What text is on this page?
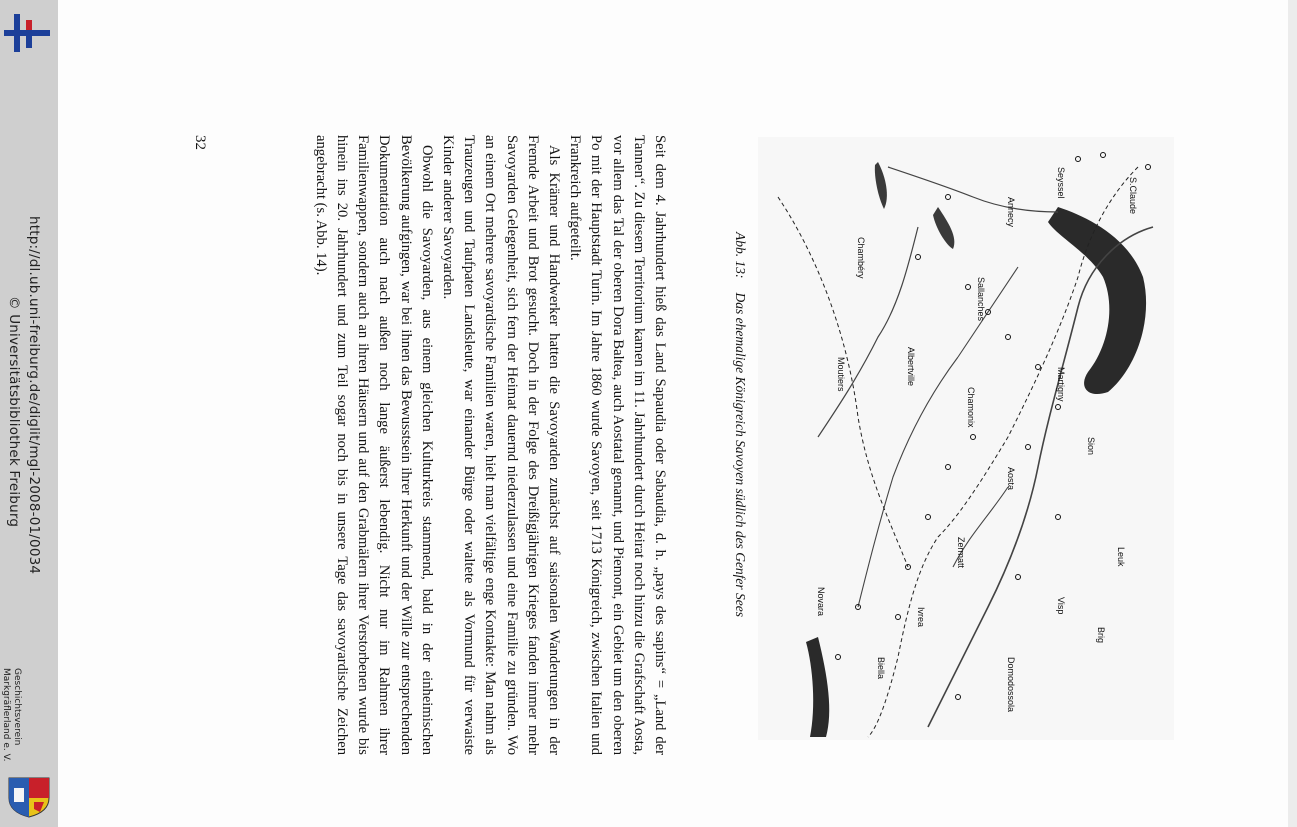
http://dl.ub.uni-freiburg.de/diglit/mgl-2008-01/0034
© Universitätsbibliothek Freiburg
Geschichtsverein
Markgräflerland e. V.
S.Claude
Seyssel
Annecy
Sallanches
Martigny
Sion
Leuk
Visp
Brig
Aosta
Zermatt
Ivrea
Biella
Novara
Chambéry
Albertville
Moutiers
Chamonix
Domodossola
Abb. 13:Das ehemalige Königreich Savoyen südlich des Genfer Sees

Seit dem 4. Jahrhundert hieß das Land Sapaudia oder Sabaudia, d. h. „pays des sapins“ = „Land der Tannen“. Zu diesem Territorium kamen im 11. Jahrhundert durch Heirat noch hinzu die Grafschaft Aosta, vor allem das Tal der oberen Dora Baltea, auch Aostatal genannt, und Piemont, ein Gebiet um den oberen Po mit der Hauptstadt Turin. Im Jahre 1860 wurde Savoyen, seit 1713 Königreich, zwischen Italien und Frankreich aufgeteilt.

Als Krämer und Handwerker hatten die Savoyarden zunächst auf saisonalen Wanderungen in der Fremde Arbeit und Brot gesucht. Doch in der Folge des Dreißigjährigen Krieges fanden immer mehr Savoyarden Gelegenheit, sich fern der Heimat dauernd niederzulassen und eine Familie zu gründen. Wo an einem Ort mehrere savoyardische Familien waren, hielt man vielfältige enge Kontakte: Man nahm als Trauzeugen und Taufpaten Landsleute, war einander Bürge oder waltete als Vormund für verwaiste Kinder anderer Savoyarden.

Obwohl die Savoyarden, aus einem gleichen Kulturkreis stammend, bald in der einheimischen Bevölkerung aufgingen, war bei ihnen das Bewusstsein ihrer Herkunft und der Wille zur entsprechenden Dokumentation auch nach außen noch lange äußerst lebendig. Nicht nur im Rahmen ihrer Familienwappen, sondern auch an ihren Häusern und auf den Grabmälern ihrer Verstorbenen wurde bis hinein ins 20. Jahrhundert und zum Teil sogar noch bis in unsere Tage das savoyardische Zeichen angebracht (s. Abb. 14).

32
